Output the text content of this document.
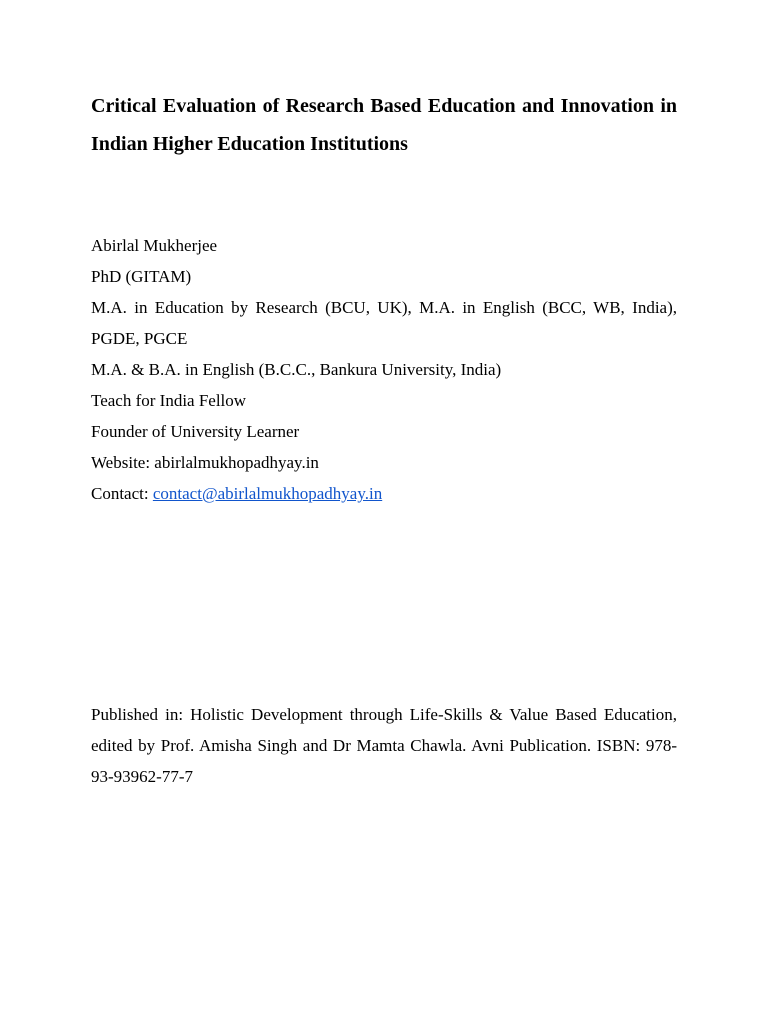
Critical Evaluation of Research Based Education and Innovation in Indian Higher Education Institutions
Abirlal Mukherjee
PhD (GITAM)
M.A. in Education by Research (BCU, UK), M.A. in English (BCC, WB, India), PGDE, PGCE
M.A. & B.A. in English (B.C.C., Bankura University, India)
Teach for India Fellow
Founder of University Learner
Website: abirlalmukhopadhyay.in
Contact: contact@abirlalmukhopadhyay.in

Published in: Holistic Development through Life-Skills & Value Based Education, edited by Prof. Amisha Singh and Dr Mamta Chawla. Avni Publication. ISBN: 978-93-93962-77-7
